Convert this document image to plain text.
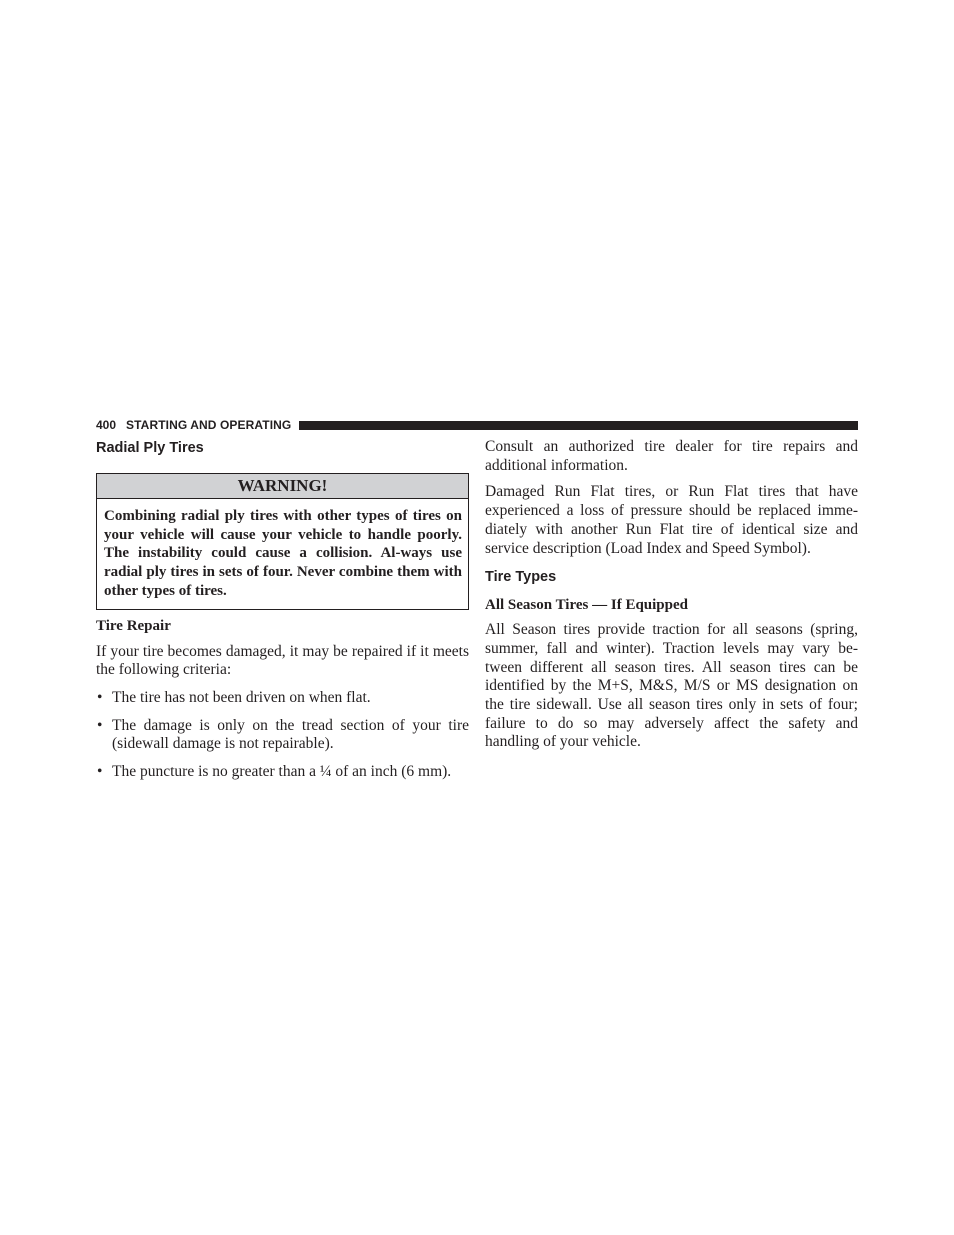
400 STARTING AND OPERATING
Radial Ply Tires
WARNING!
Combining radial ply tires with other types of tires on your vehicle will cause your vehicle to handle poorly. The instability could cause a collision. Al-ways use radial ply tires in sets of four. Never combine them with other types of tires.
Tire Repair

If your tire becomes damaged, it may be repaired if it meets the following criteria:

• The tire has not been driven on when flat.
• The damage is only on the tread section of your tire (sidewall damage is not repairable).
• The puncture is no greater than a ¼ of an inch (6 mm).

Consult an authorized tire dealer for tire repairs and additional information.

Damaged Run Flat tires, or Run Flat tires that have experienced a loss of pressure should be replaced imme-diately with another Run Flat tire of identical size and service description (Load Index and Speed Symbol).

Tire Types
All Season Tires — If Equipped

All Season tires provide traction for all seasons (spring, summer, fall and winter). Traction levels may vary be-tween different all season tires. All season tires can be identified by the M+S, M&S, M/S or MS designation on the tire sidewall. Use all season tires only in sets of four; failure to do so may adversely affect the safety and handling of your vehicle.
